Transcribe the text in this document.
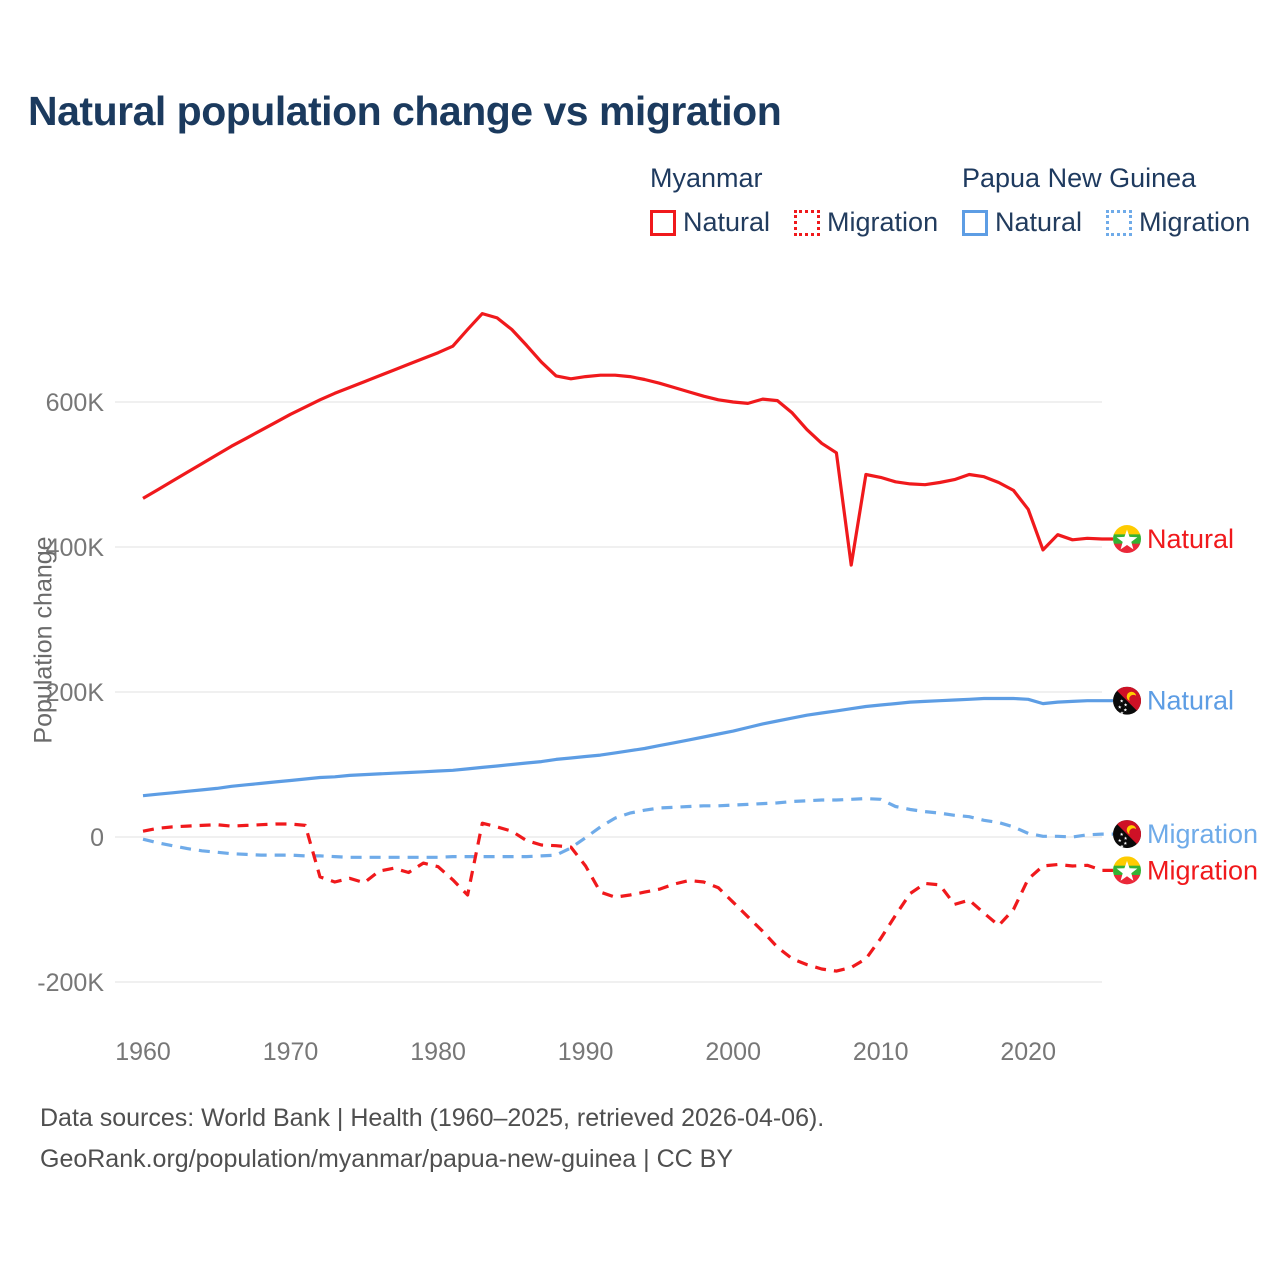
Natural population change vs migration
Myanmar
Natural Migration
Papua New Guinea
Natural Migration
Population change
600K
400K
200K
0
-200K
1960	1970	1980	1990	2000	2010	2020
Natural
Migration
Natural
Migration
Data sources: World Bank | Health (1960–2025, retrieved 2026-04-06).
GeoRank.org/population/myanmar/papua-new-guinea | CC BY
